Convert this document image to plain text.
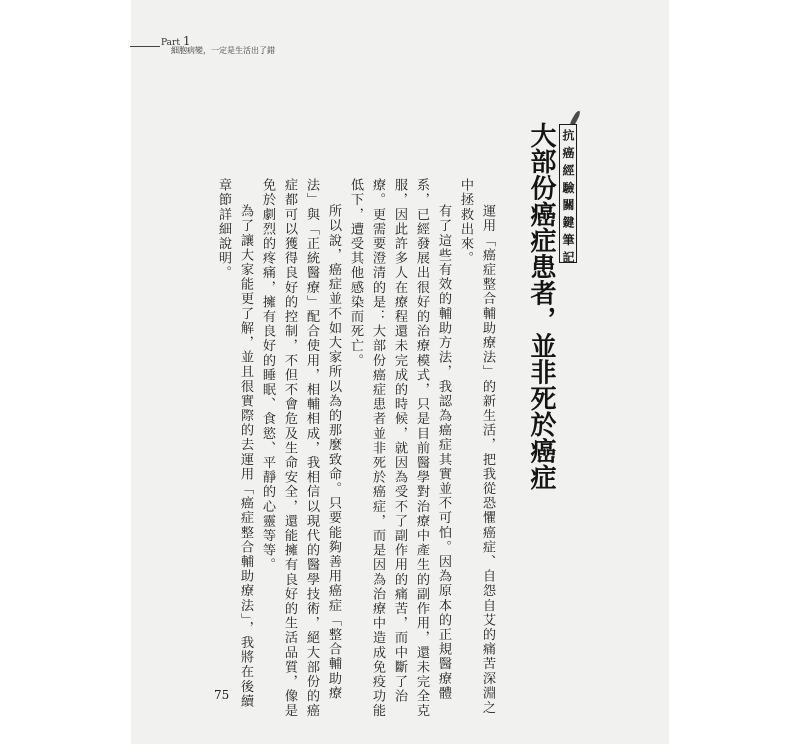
Part 1
細胞病變，一定是生活出了錯
抗癌經驗關鍵筆記
大部份癌症患者，並非死於癌症

運用「癌症整合輔助療法」的新生活，把我從恐懼癌症、自怨自艾的痛苦深淵之

中拯救出來。

有了這些有效的輔助方法，我認為癌症其實並不可怕。因為原本的正規醫療體

系，已經發展出很好的治療模式，只是目前醫學對治療中產生的副作用，還未完全克

服，因此許多人在療程還未完成的時候，就因為受不了副作用的痛苦，而中斷了治

療。更需要澄清的是：大部份癌症患者並非死於癌症，而是因為治療中造成免疫功能

低下，遭受其他感染而死亡。

所以說，癌症並不如大家所以為的那麼致命。只要能夠善用癌症「整合輔助療

法」與「正統醫療」配合使用，相輔相成，我相信以現代的醫學技術，絕大部份的癌

症都可以獲得良好的控制，不但不會危及生命安全，還能擁有良好的生活品質，像是

免於劇烈的疼痛，擁有良好的睡眠、食慾、平靜的心靈等等。

為了讓大家能更了解，並且很實際的去運用「癌症整合輔助療法」，我將在後續

章節詳細說明。

75
